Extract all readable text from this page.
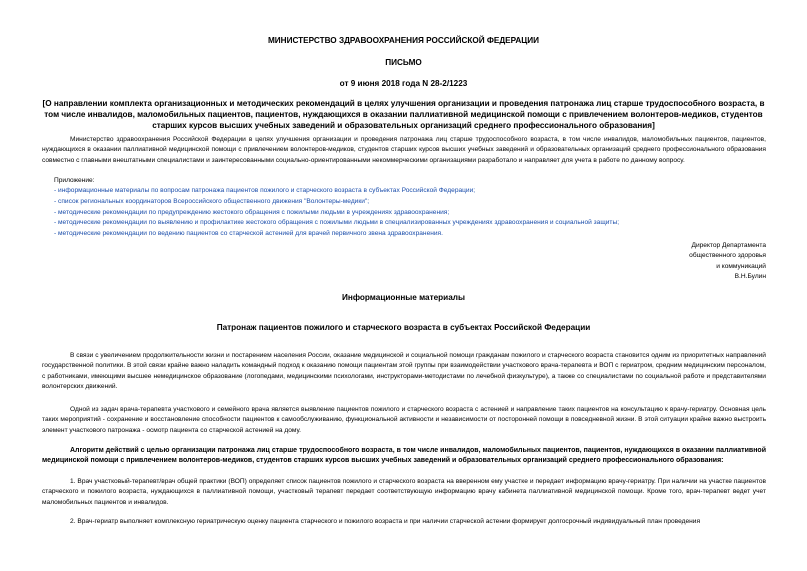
МИНИСТЕРСТВО ЗДРАВООХРАНЕНИЯ РОССИЙСКОЙ ФЕДЕРАЦИИ
ПИСЬМО
от 9 июня 2018 года N 28-2/1223
[О направлении комплекта организационных и методических рекомендаций в целях улучшения организации и проведения патронажа лиц старше трудоспособного возраста, в том числе инвалидов, маломобильных пациентов, пациентов, нуждающихся в оказании паллиативной медицинской помощи с привлечением волонтеров-медиков, студентов старших курсов высших учебных заведений и образовательных организаций среднего профессионального образования]

Министерство здравоохранения Российской Федерации в целях улучшения организации и проведения патронажа лиц старше трудоспособного возраста, в том числе инвалидов, маломобильных пациентов, пациентов, нуждающихся в оказании паллиативной медицинской помощи с привлечением волонтеров-медиков, студентов старших курсов высших учебных заведений и образовательных организаций среднего профессионального образования совместно с главными внештатными специалистами и заинтересованными социально-ориентированными некоммерческими организациями разработало и направляет для учета в работе по данному вопросу.

Приложение:
- информационные материалы по вопросам патронажа пациентов пожилого и старческого возраста в субъектах Российской Федерации;
- список региональных координаторов Всероссийского общественного движения "Волонтеры-медики";
- методические рекомендации по предупреждению жестокого обращения с пожилыми людьми в учреждениях здравоохранения;
- методические рекомендации по выявлению и профилактике жестокого обращения с пожилыми людьми в специализированных учреждениях здравоохранения и социальной защиты;
- методические рекомендации по ведению пациентов со старческой астенией для врачей первичного звена здравоохранения.
Директор Департамента
общественного здоровья
и коммуникаций
В.Н.Булин
Информационные материалы
Патронаж пациентов пожилого и старческого возраста в субъектах Российской Федерации

В связи с увеличением продолжительности жизни и постарением населения России, оказание медицинской и социальной помощи гражданам пожилого и старческого возраста становится одним из приоритетных направлений государственной политики. В этой связи крайне важно наладить командный подход к оказанию помощи пациентам этой группы при взаимодействии участкового врача-терапевта и ВОП с гериатром, средним медицинским персоналом, с работниками, имеющими высшее немедицинское образование (логопедами, медицинскими психологами, инструкторами-методистами по лечебной физкультуре), а также со специалистами по социальной работе и представителями волонтерских движений.

Одной из задач врача-терапевта участкового и семейного врача является выявление пациентов пожилого и старческого возраста с астенией и направление таких пациентов на консультацию к врачу-гериатру. Основная цель таких мероприятий - сохранение и восстановление способности пациентов к самообслуживанию, функциональной активности и независимости от посторонней помощи в повседневной жизни. В этой ситуации крайне важно выстроить элемент участкового патронажа - осмотр пациента со старческой астенией на дому.

Алгоритм действий с целью организации патронажа лиц старше трудоспособного возраста, в том числе инвалидов, маломобильных пациентов, пациентов, нуждающихся в оказании паллиативной медицинской помощи с привлечением волонтеров-медиков, студентов старших курсов высших учебных заведений и образовательных организаций среднего профессионального образования:

1. Врач участковый-терапевт/врач общей практики (ВОП) определяет список пациентов пожилого и старческого возраста на вверенном ему участке и передает информацию врачу-гериатру. При наличии на участке пациентов старческого и пожилого возраста, нуждающихся в паллиативной помощи, участковый терапевт передает соответствующую информацию врачу кабинета паллиативной медицинской помощи. Кроме того, врач-терапевт ведет учет маломобильных пациентов и инвалидов.

2. Врач-гериатр выполняет комплексную гериатрическую оценку пациента старческого и пожилого возраста и при наличии старческой астении формирует долгосрочный индивидуальный план проведения
